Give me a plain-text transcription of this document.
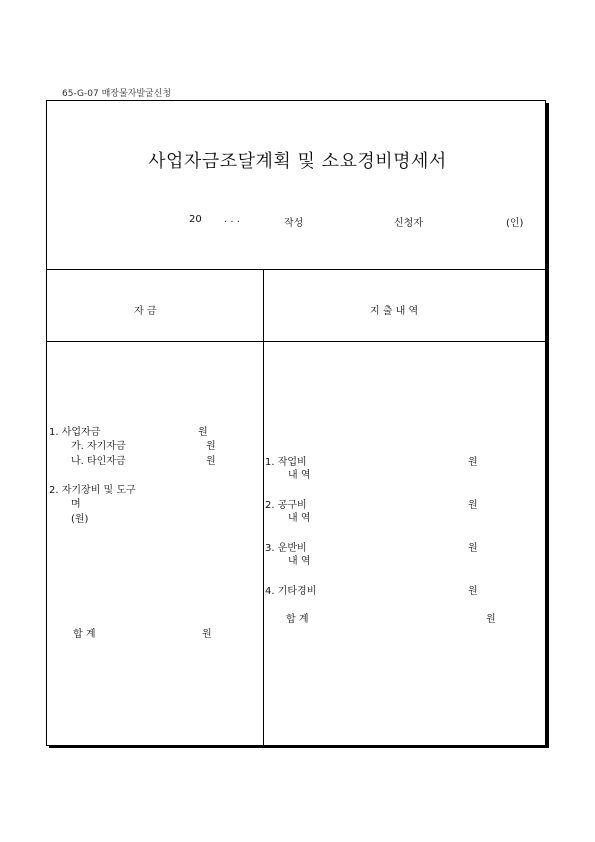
65-G-07 매장물자발굴신청
사업자금조달계획 및 소요경비명세서
20 . . .	작성	신청자	(인)
자 금	지 출 내 역
1. 사업자금	원
가. 자기자금	원
나. 타인자금	원
2. 자기장비 및 도구
며
(원)
합 계	원
1. 작업비	원
내 역
2. 공구비	원
내 역
3. 운반비	원
내 역
4. 기타경비	원
합 계	원
